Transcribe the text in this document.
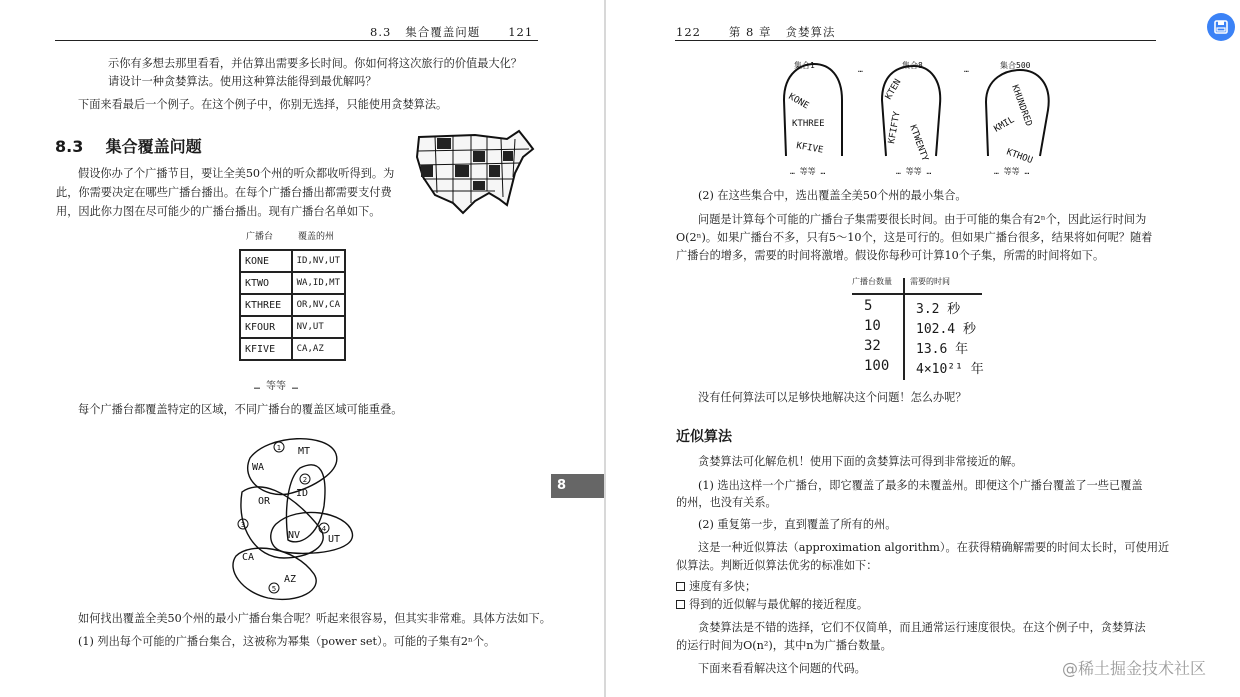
8.3 集合覆盖问题 121
示你有多想去那里看看，并估算出需要多长时间。你如何将这次旅行的价值最大化？
请设计一种贪婪算法。使用这种算法能得到最优解吗？
下面来看最后一个例子。在这个例子中，你别无选择，只能使用贪婪算法。
8.3 集合覆盖问题
假设你办了个广播节目，要让全美50个州的听众都收听得到。为
此，你需要决定在哪些广播台播出。在每个广播台播出都需要支付费
用，因此你力图在尽可能少的广播台播出。现有广播台名单如下。
广播台	覆盖的州
KONE	ID,NV,UT
KTWO	WA,ID,MT
KTHREE	OR,NV,CA
KFOUR	NV,UT
KFIVE	CA,AZ
… 等等 …
每个广播台都覆盖特定的区域，不同广播台的覆盖区域可能重叠。
MT
WA
ID
OR
NV	UT
CA
AZ
1
2
3	4
5
如何找出覆盖全美50个州的最小广播台集合呢？听起来很容易，但其实非常难。具体方法如下。
(1) 列出每个可能的广播台集合，这被称为幂集（power set）。可能的子集有2ⁿ个。
8
122 第 8 章 贪婪算法
集合1	集合8	集合500
KONE
KTHREE
KFIVE
KTEN
KFIFTY KTWENTY
KHUNDRED
KMIL
KTHOU
…	…
… 等等 …	… 等等 …	… 等等 …
(2) 在这些集合中，选出覆盖全美50个州的最小集合。
问题是计算每个可能的广播台子集需要很长时间。由于可能的集合有2ⁿ个，因此运行时间为
O(2ⁿ)。如果广播台不多，只有5～10个，这是可行的。但如果广播台很多，结果将如何呢？随着
广播台的增多，需要的时间将激增。假设你每秒可计算10个子集，所需的时间将如下。
广播台数量 需要的时间
5	3.2 秒
10	102.4 秒
32	13.6 年
100 4×10²¹ 年
没有任何算法可以足够快地解决这个问题！怎么办呢？
近似算法
贪婪算法可化解危机！使用下面的贪婪算法可得到非常接近的解。
(1) 选出这样一个广播台，即它覆盖了最多的未覆盖州。即便这个广播台覆盖了一些已覆盖
的州，也没有关系。
(2) 重复第一步，直到覆盖了所有的州。
这是一种近似算法（approximation algorithm）。在获得精确解需要的时间太长时，可使用近
似算法。判断近似算法优劣的标准如下：
速度有多快；
得到的近似解与最优解的接近程度。
贪婪算法是不错的选择，它们不仅简单，而且通常运行速度很快。在这个例子中，贪婪算法
的运行时间为O(n²)，其中n为广播台数量。
下面来看看解决这个问题的代码。	@稀土掘金技术社区
